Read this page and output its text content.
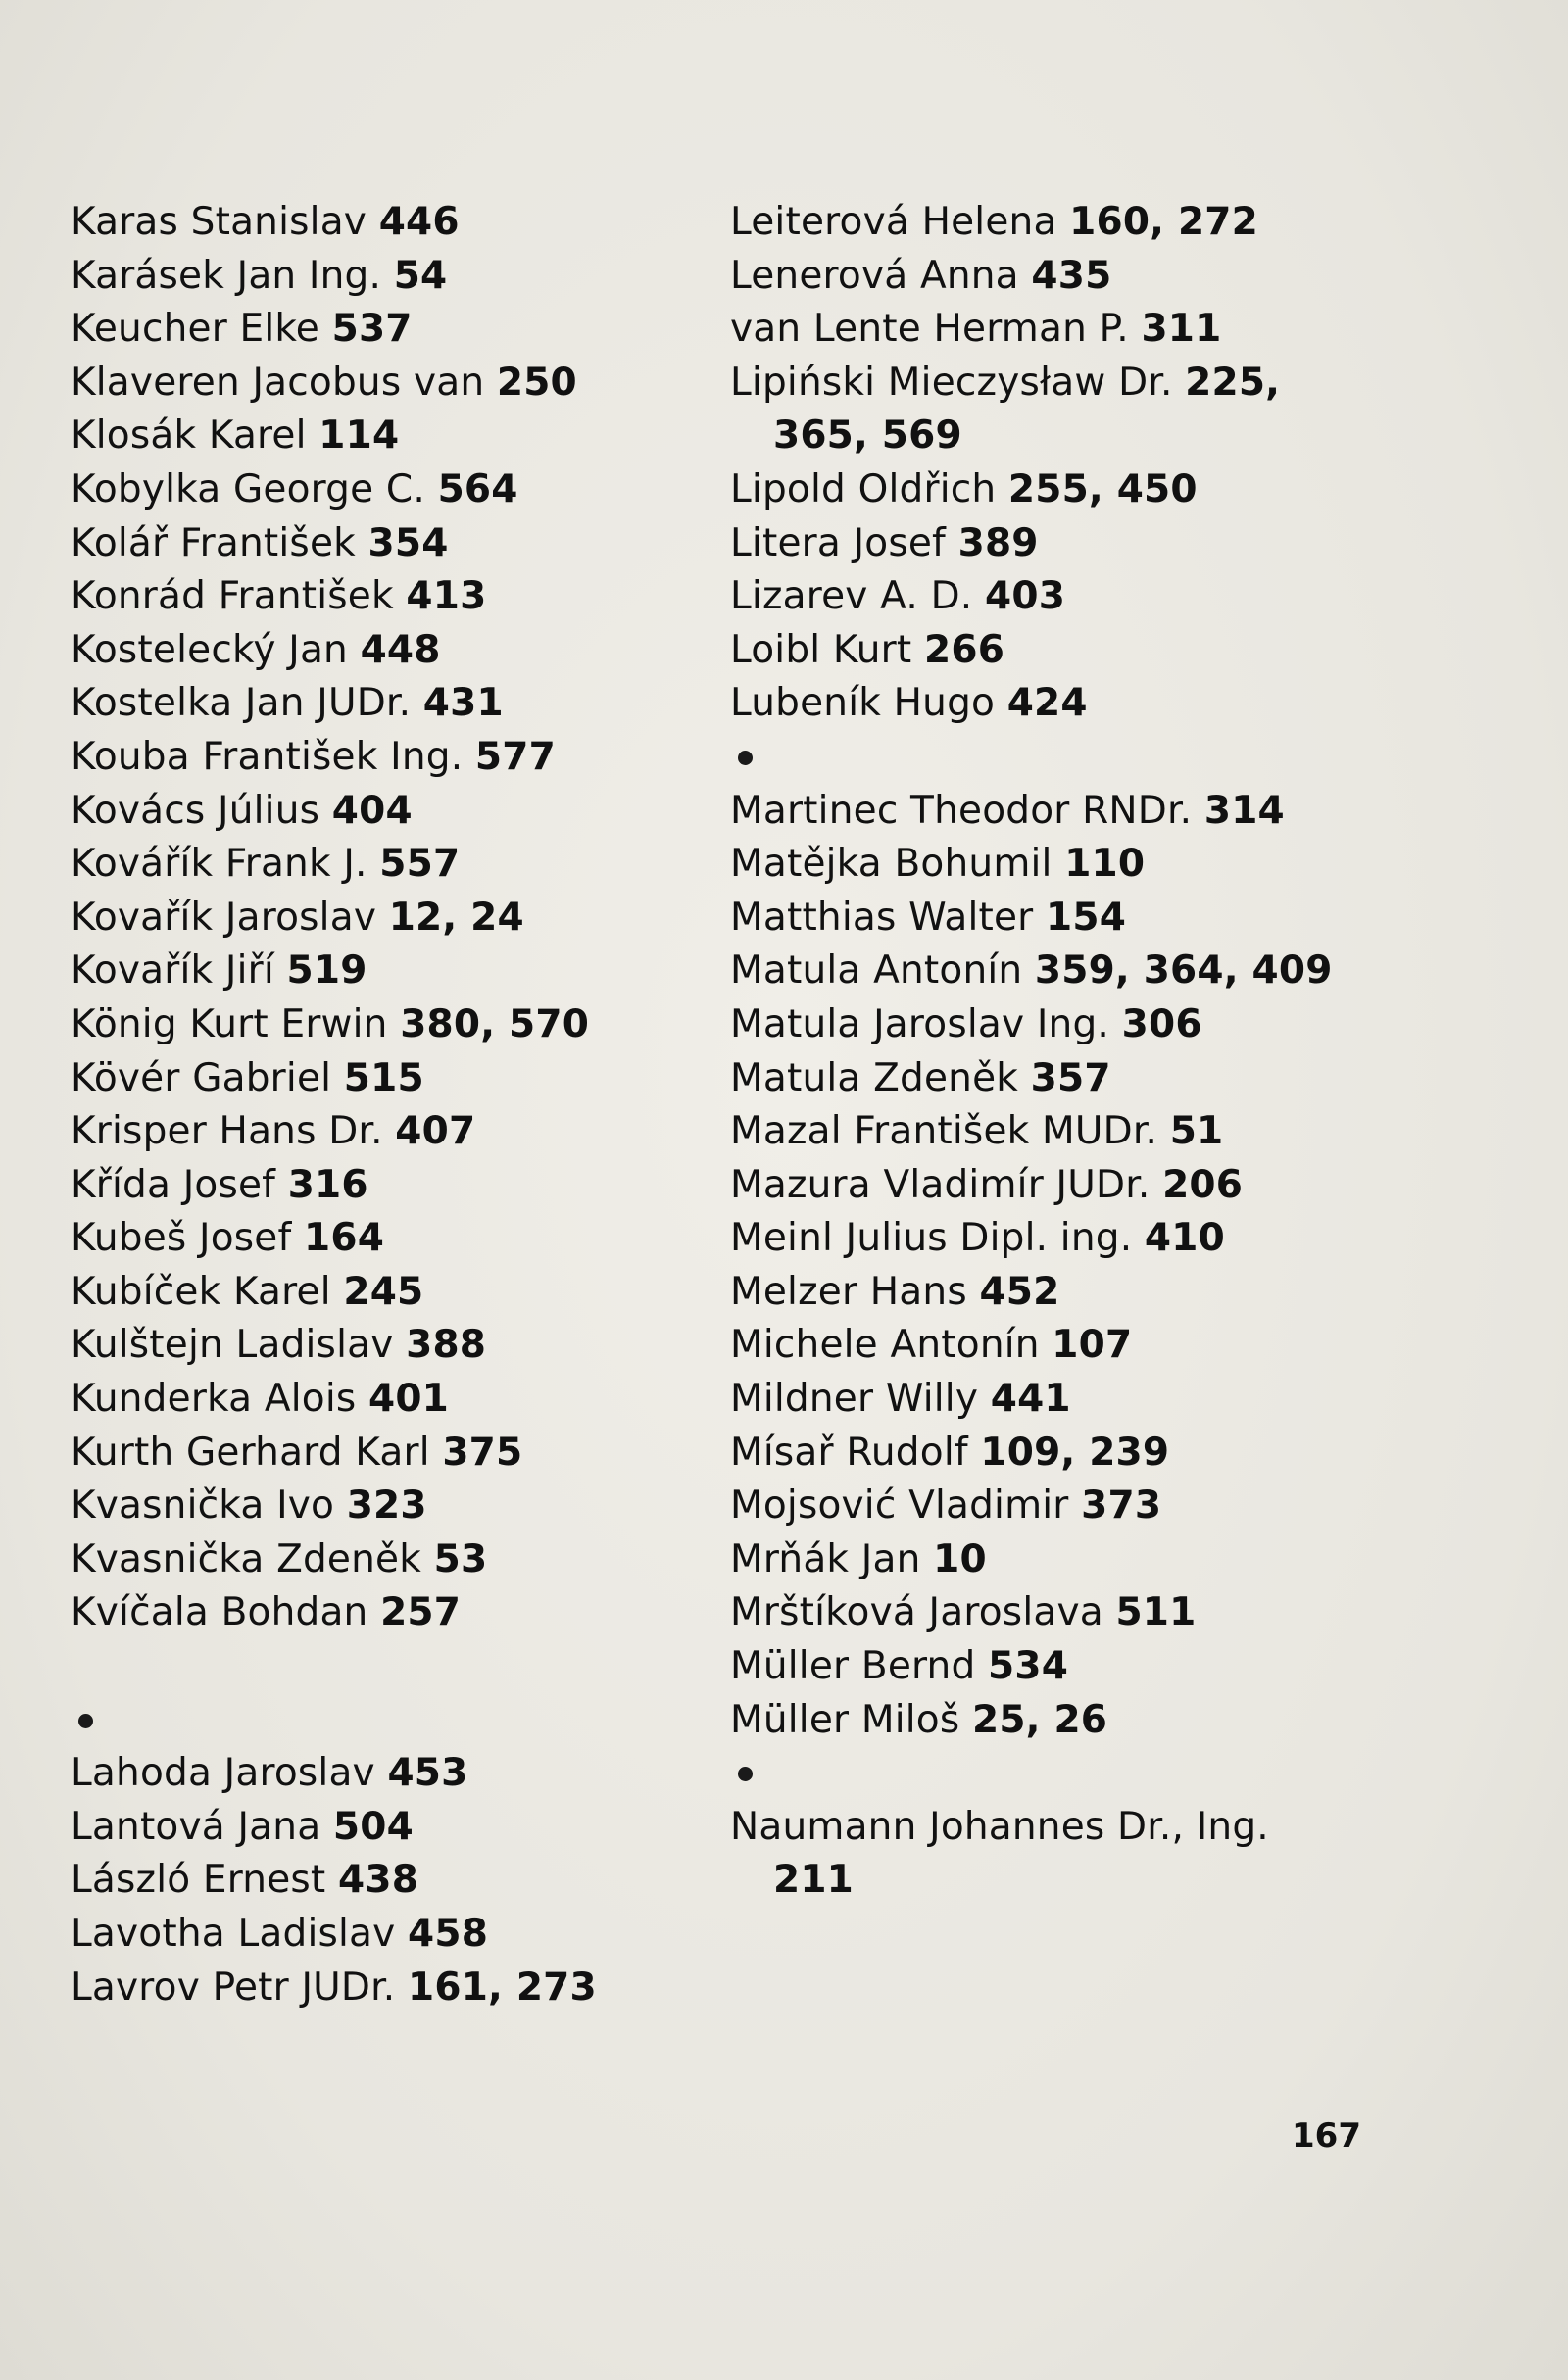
Karas Stanislav 446
Karásek Jan Ing. 54
Keucher Elke 537
Klaveren Jacobus van 250
Klosák Karel 114
Kobylka George C. 564
Kolář František 354
Konrád František 413
Kostelecký Jan 448
Kostelka Jan JUDr. 431
Kouba František Ing. 577
Kovács Július 404
Kovářík Frank J. 557
Kovařík Jaroslav 12, 24
Kovařík Jiří 519
König Kurt Erwin 380, 570
Kövér Gabriel 515
Krisper Hans Dr. 407
Křída Josef 316
Kubeš Josef 164
Kubíček Karel 245
Kulštejn Ladislav 388
Kunderka Alois 401
Kurth Gerhard Karl 375
Kvasnička Ivo 323
Kvasnička Zdeněk 53
Kvíčala Bohdan 257
Lahoda Jaroslav 453
Lantová Jana 504
László Ernest 438
Lavotha Ladislav 458
Lavrov Petr JUDr. 161, 273
Leiterová Helena 160, 272
Lenerová Anna 435
van Lente Herman P. 311
Lipiński Mieczysław Dr. 225,
365, 569
Lipold Oldřich 255, 450
Litera Josef 389
Lizarev A. D. 403
Loibl Kurt 266
Lubeník Hugo 424
Martinec Theodor RNDr. 314
Matějka Bohumil 110
Matthias Walter 154
Matula Antonín 359, 364, 409
Matula Jaroslav Ing. 306
Matula Zdeněk 357
Mazal František MUDr. 51
Mazura Vladimír JUDr. 206
Meinl Julius Dipl. ing. 410
Melzer Hans 452
Michele Antonín 107
Mildner Willy 441
Mísař Rudolf 109, 239
Mojsović Vladimir 373
Mrňák Jan 10
Mrštíková Jaroslava 511
Müller Bernd 534
Müller Miloš 25, 26
Naumann Johannes Dr., Ing.
211
167
